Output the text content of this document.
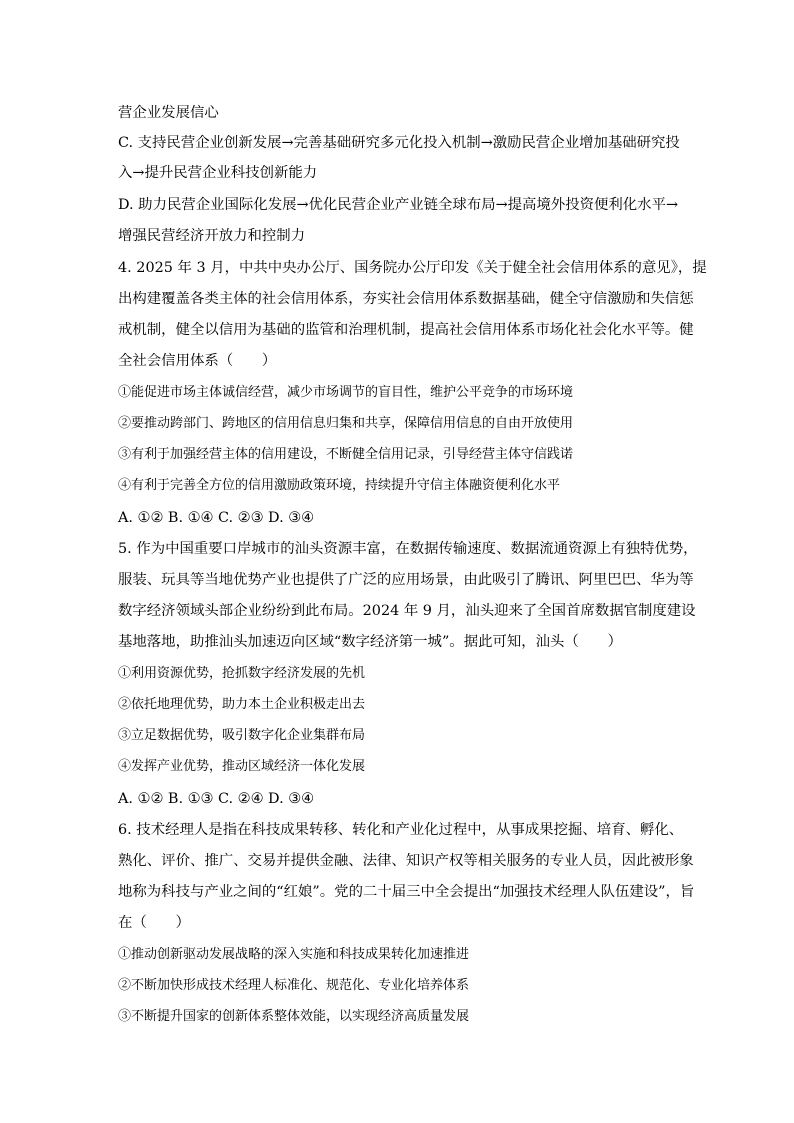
营企业发展信心
C. 支持民营企业创新发展→完善基础研究多元化投入机制→激励民营企业增加基础研究投
入→提升民营企业科技创新能力
D. 助力民营企业国际化发展→优化民营企业产业链全球布局→提高境外投资便利化水平→
增强民营经济开放力和控制力
4. 2025 年 3 月，中共中央办公厅、国务院办公厅印发《关于健全社会信用体系的意见》，提
出构建覆盖各类主体的社会信用体系，夯实社会信用体系数据基础，健全守信激励和失信惩
戒机制，健全以信用为基础的监管和治理机制，提高社会信用体系市场化社会化水平等。健
全社会信用体系（　　）
①能促进市场主体诚信经营，减少市场调节的盲目性，维护公平竞争的市场环境
②要推动跨部门、跨地区的信用信息归集和共享，保障信用信息的自由开放使用
③有利于加强经营主体的信用建设，不断健全信用记录，引导经营主体守信践诺
④有利于完善全方位的信用激励政策环境，持续提升守信主体融资便利化水平
A. ①② B. ①④ C. ②③ D. ③④
5. 作为中国重要口岸城市的汕头资源丰富，在数据传输速度、数据流通资源上有独特优势，
服装、玩具等当地优势产业也提供了广泛的应用场景，由此吸引了腾讯、阿里巴巴、华为等
数字经济领域头部企业纷纷到此布局。2024 年 9 月，汕头迎来了全国首席数据官制度建设
基地落地，助推汕头加速迈向区域“数字经济第一城”。据此可知，汕头（　　）
①利用资源优势，抢抓数字经济发展的先机
②依托地理优势，助力本土企业积极走出去
③立足数据优势，吸引数字化企业集群布局
④发挥产业优势，推动区域经济一体化发展
A. ①② B. ①③ C. ②④ D. ③④
6. 技术经理人是指在科技成果转移、转化和产业化过程中，从事成果挖掘、培育、孵化、
熟化、评价、推广、交易并提供金融、法律、知识产权等相关服务的专业人员，因此被形象
地称为科技与产业之间的“红娘”。党的二十届三中全会提出“加强技术经理人队伍建设”，旨
在（　　）
①推动创新驱动发展战略的深入实施和科技成果转化加速推进
②不断加快形成技术经理人标准化、规范化、专业化培养体系
③不断提升国家的创新体系整体效能，以实现经济高质量发展
